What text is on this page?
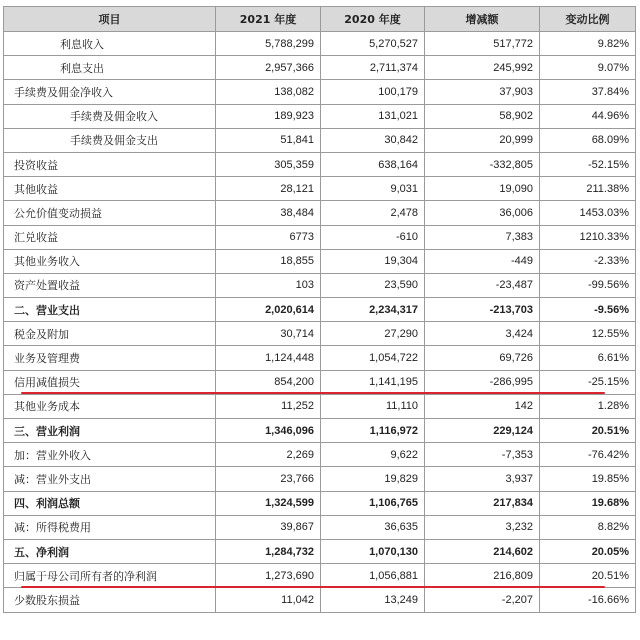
项目	2021 年度	2020 年度	增减额	变动比例
利息收入	5,788,299	5,270,527	517,772	9.82%
利息支出	2,957,366	2,711,374	245,992	9.07%
手续费及佣金净收入	138,082	100,179	37,903	37.84%
手续费及佣金收入	189,923	131,021	58,902	44.96%
手续费及佣金支出	51,841	30,842	20,999	68.09%
投资收益	305,359	638,164	-332,805	-52.15%
其他收益	28,121	9,031	19,090	211.38%
公允价值变动损益	38,484	2,478	36,006	1453.03%
汇兑收益	6773	-610	7,383	1210.33%
其他业务收入	18,855	19,304	-449	-2.33%
资产处置收益	103	23,590	-23,487	-99.56%
二、营业支出	2,020,614	2,234,317	-213,703	-9.56%
税金及附加	30,714	27,290	3,424	12.55%
业务及管理费	1,124,448	1,054,722	69,726	6.61%
信用减值损失	854,200	1,141,195	-286,995	-25.15%
其他业务成本	11,252	11,110	142	1.28%
三、营业利润	1,346,096	1,116,972	229,124	20.51%
加：营业外收入	2,269	9,622	-7,353	-76.42%
减：营业外支出	23,766	19,829	3,937	19.85%
四、利润总额	1,324,599	1,106,765	217,834	19.68%
减：所得税费用	39,867	36,635	3,232	8.82%
五、净利润	1,284,732	1,070,130	214,602	20.05%
归属于母公司所有者的净利润	1,273,690	1,056,881	216,809	20.51%
少数股东损益	11,042	13,249	-2,207	-16.66%
